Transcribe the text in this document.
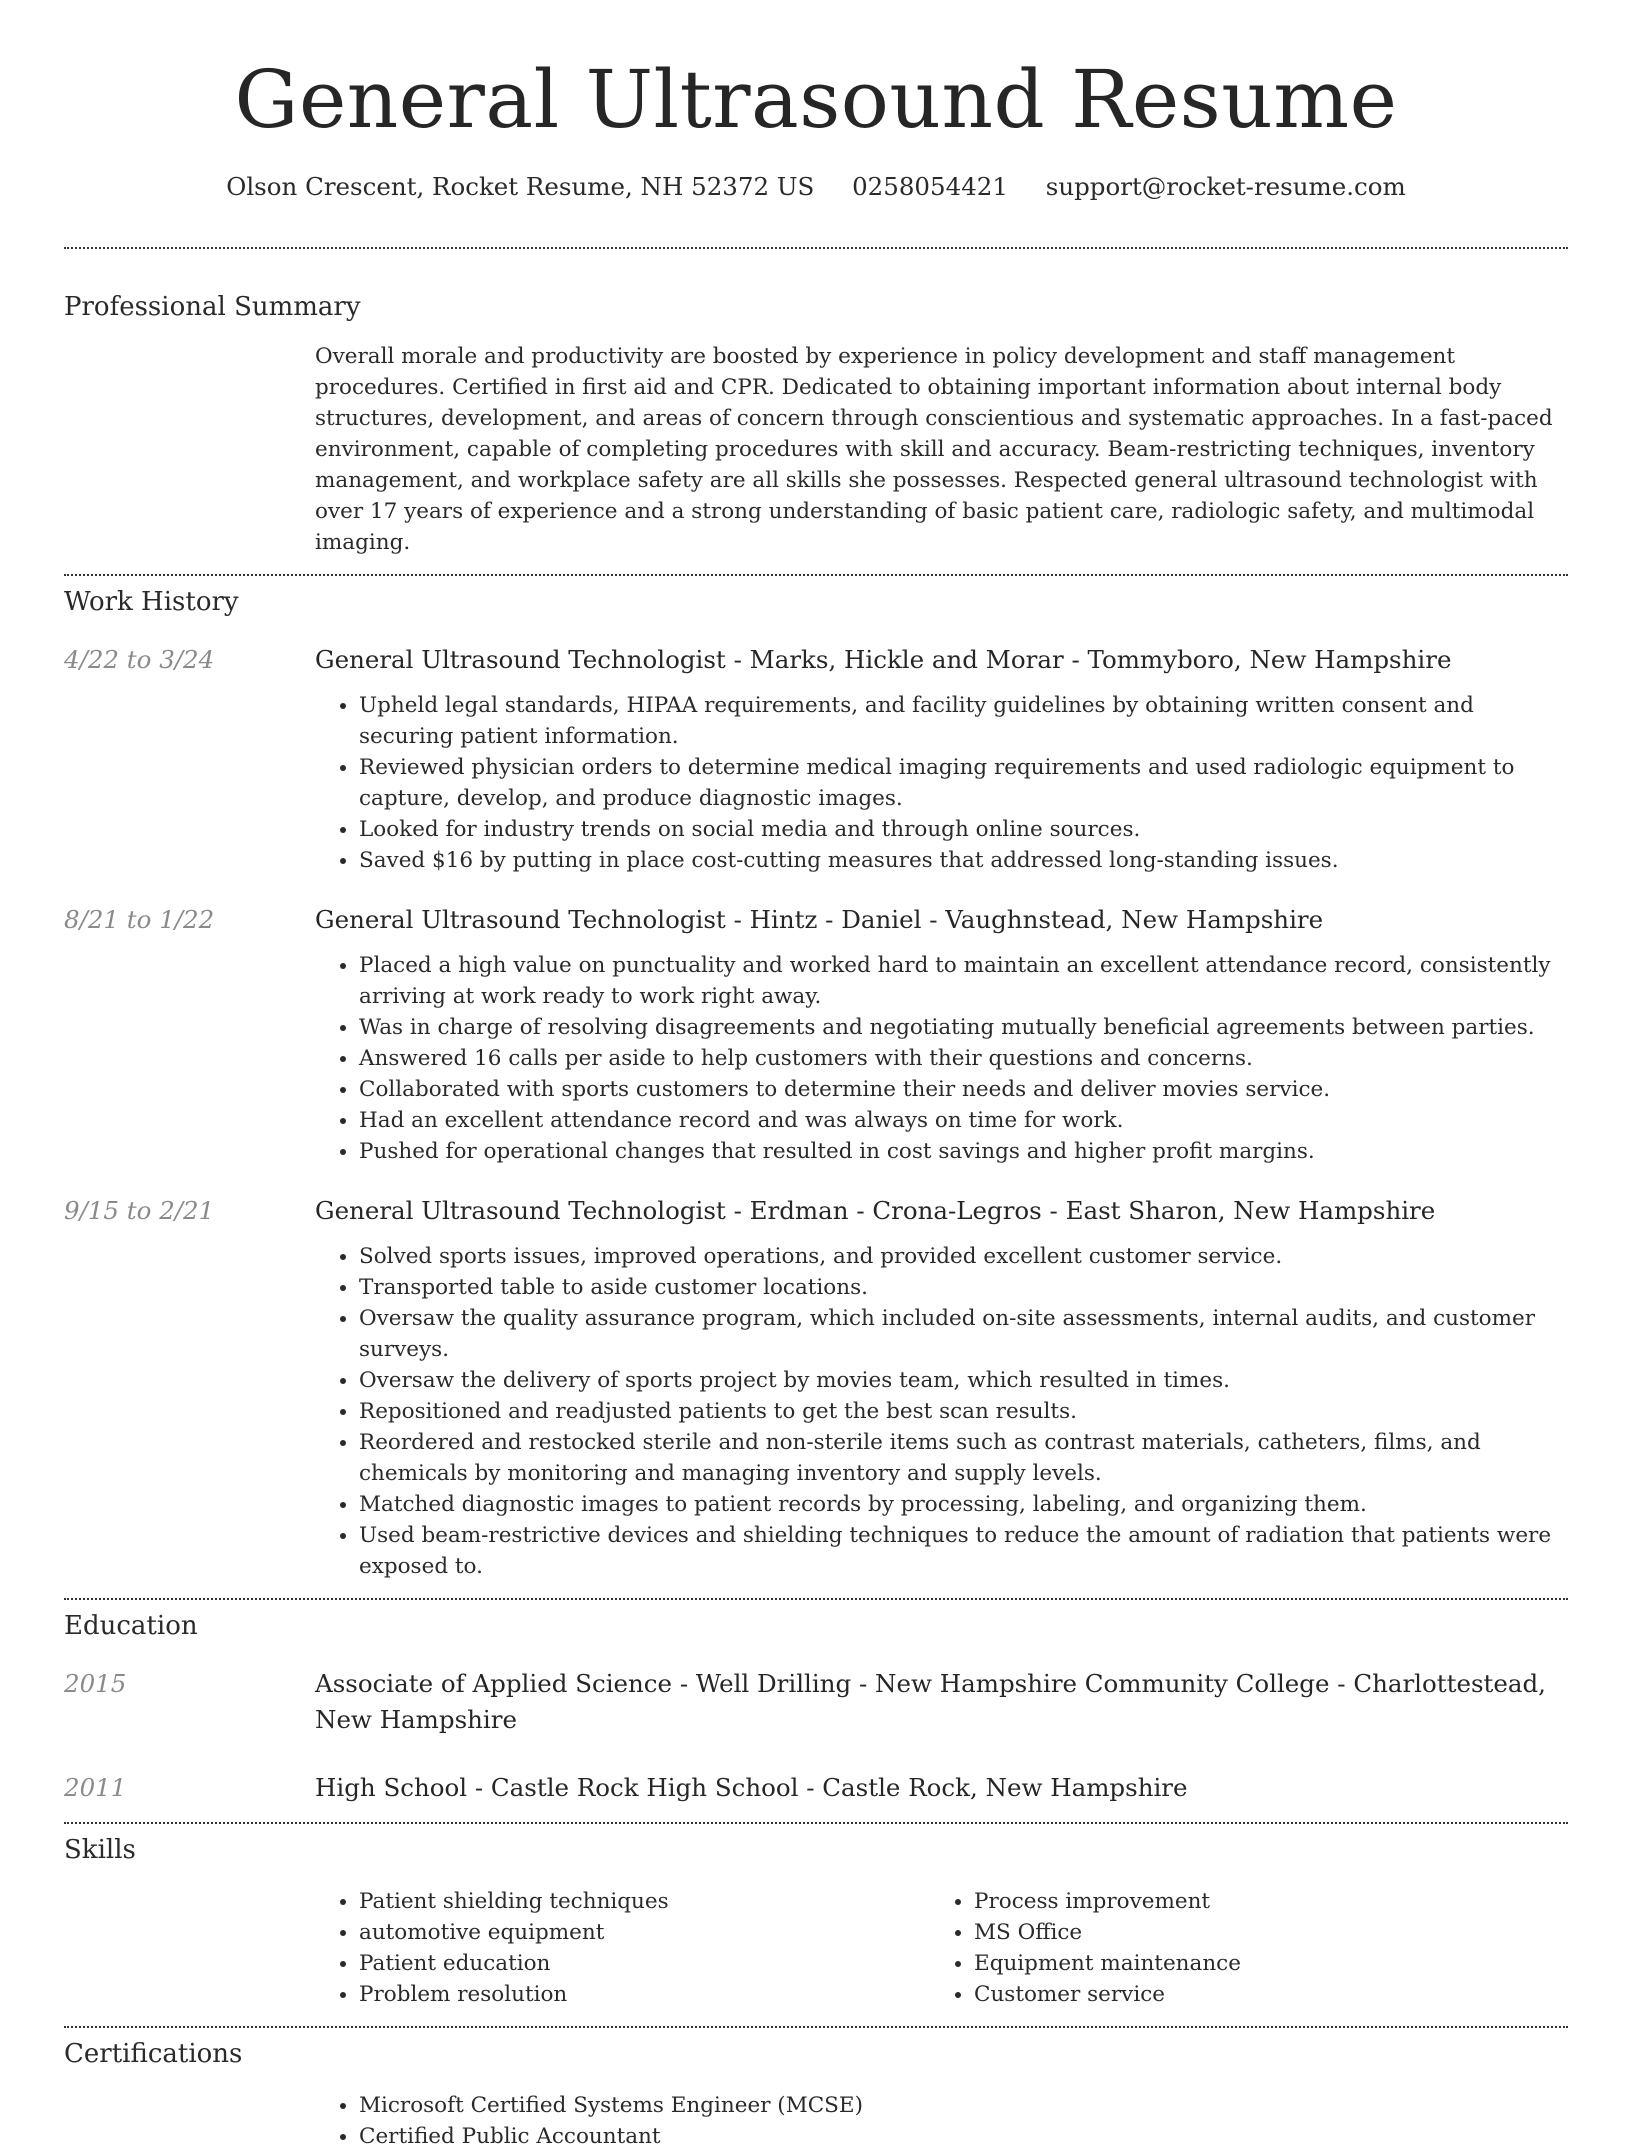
General Ultrasound Resume
Olson Crescent, Rocket Resume, NH 52372 US 0258054421 support@rocket-resume.com
Professional Summary
Overall morale and productivity are boosted by experience in policy development and staff management procedures. Certified in first aid and CPR. Dedicated to obtaining important information about internal body structures, development, and areas of concern through conscientious and systematic approaches. In a fast-paced environment, capable of completing procedures with skill and accuracy. Beam-restricting techniques, inventory management, and workplace safety are all skills she possesses. Respected general ultrasound technologist with over 17 years of experience and a strong understanding of basic patient care, radiologic safety, and multimodal imaging.
Work History
4/22 to 3/24	General Ultrasound Technologist - Marks, Hickle and Morar - Tommyboro, New Hampshire
• Upheld legal standards, HIPAA requirements, and facility guidelines by obtaining written consent and securing patient information.
• Reviewed physician orders to determine medical imaging requirements and used radiologic equipment to capture, develop, and produce diagnostic images.
• Looked for industry trends on social media and through online sources.
• Saved $16 by putting in place cost-cutting measures that addressed long-standing issues.
8/21 to 1/22	General Ultrasound Technologist - Hintz - Daniel - Vaughnstead, New Hampshire
• Placed a high value on punctuality and worked hard to maintain an excellent attendance record, consistently arriving at work ready to work right away.
• Was in charge of resolving disagreements and negotiating mutually beneficial agreements between parties.
• Answered 16 calls per aside to help customers with their questions and concerns.
• Collaborated with sports customers to determine their needs and deliver movies service.
• Had an excellent attendance record and was always on time for work.
• Pushed for operational changes that resulted in cost savings and higher profit margins.
9/15 to 2/21	General Ultrasound Technologist - Erdman - Crona-Legros - East Sharon, New Hampshire
• Solved sports issues, improved operations, and provided excellent customer service.
• Transported table to aside customer locations.
• Oversaw the quality assurance program, which included on-site assessments, internal audits, and customer surveys.
• Oversaw the delivery of sports project by movies team, which resulted in times.
• Repositioned and readjusted patients to get the best scan results.
• Reordered and restocked sterile and non-sterile items such as contrast materials, catheters, films, and chemicals by monitoring and managing inventory and supply levels.
• Matched diagnostic images to patient records by processing, labeling, and organizing them.
• Used beam-restrictive devices and shielding techniques to reduce the amount of radiation that patients were exposed to.
Education
2015	Associate of Applied Science - Well Drilling - New Hampshire Community College - Charlottestead, New Hampshire
2011	High School - Castle Rock High School - Castle Rock, New Hampshire
Skills
• Patient shielding techniques
• automotive equipment
• Patient education
• Problem resolution
• Process improvement
• MS Office
• Equipment maintenance
• Customer service
Certifications
• Microsoft Certified Systems Engineer (MCSE)
• Certified Public Accountant
